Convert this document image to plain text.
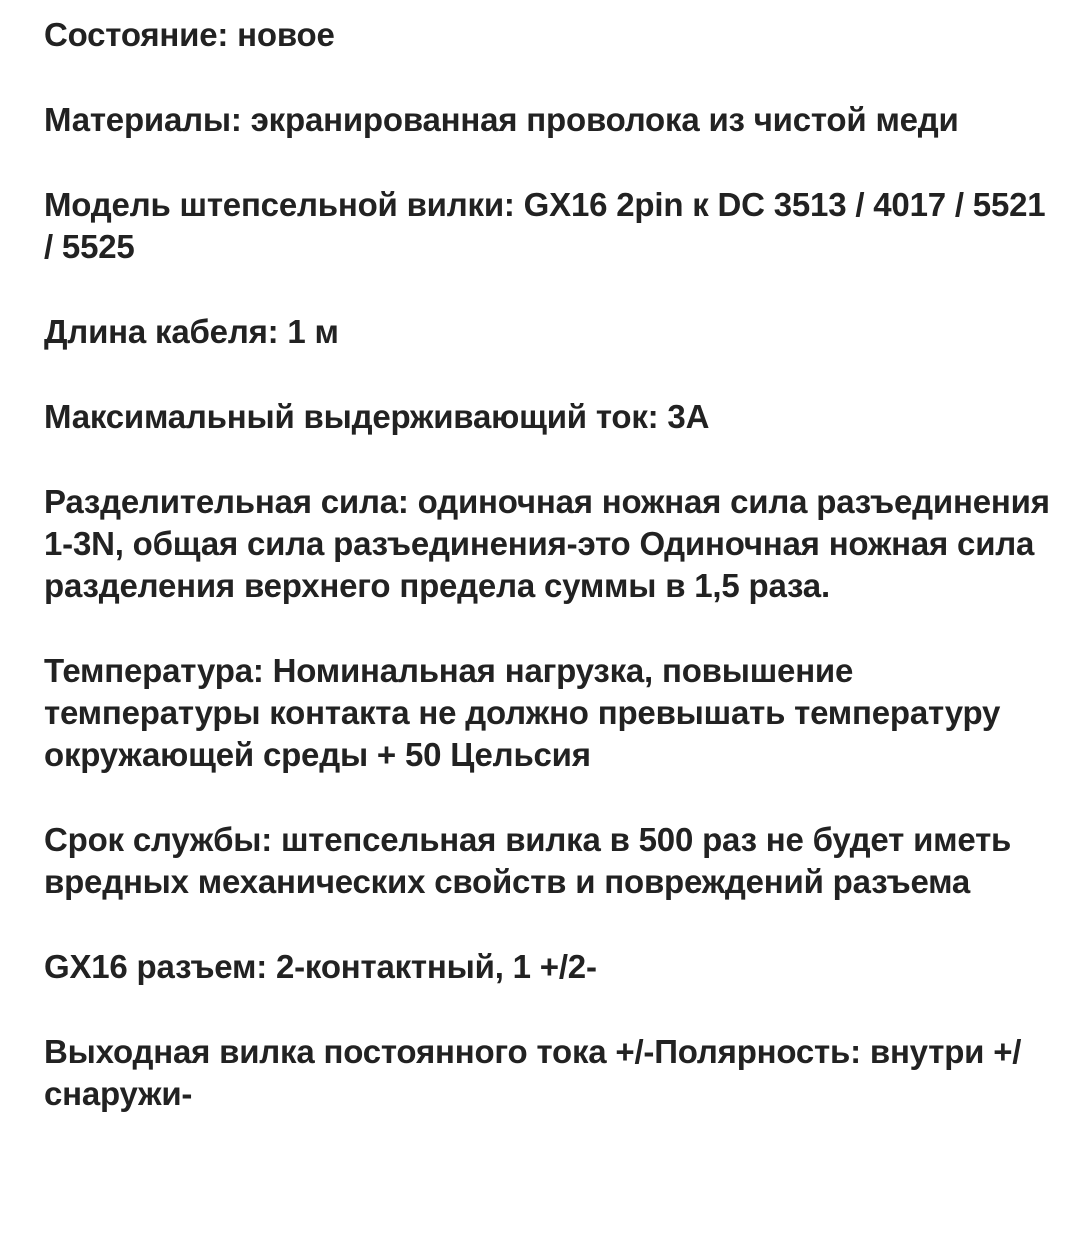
Состояние: новое

Материалы: экранированная проволока из чистой меди

Модель штепсельной вилки: GX16 2pin к DC 3513 / 4017 / 5521 / 5525

Длина кабеля: 1 м

Максимальный выдерживающий ток: 3А

Разделительная сила: одиночная ножная сила разъединения 1-3N, общая сила разъединения-это Одиночная ножная сила разделения верхнего предела суммы в 1,5 раза.

Температура: Номинальная нагрузка, повышение температуры контакта не должно превышать температуру окружающей среды + 50 Цельсия

Срок службы: штепсельная вилка в 500 раз не будет иметь вредных механических свойств и повреждений разъема

GX16 разъем: 2-контактный, 1 +/2-

Выходная вилка постоянного тока +/-Полярность: внутри +/снаружи-
